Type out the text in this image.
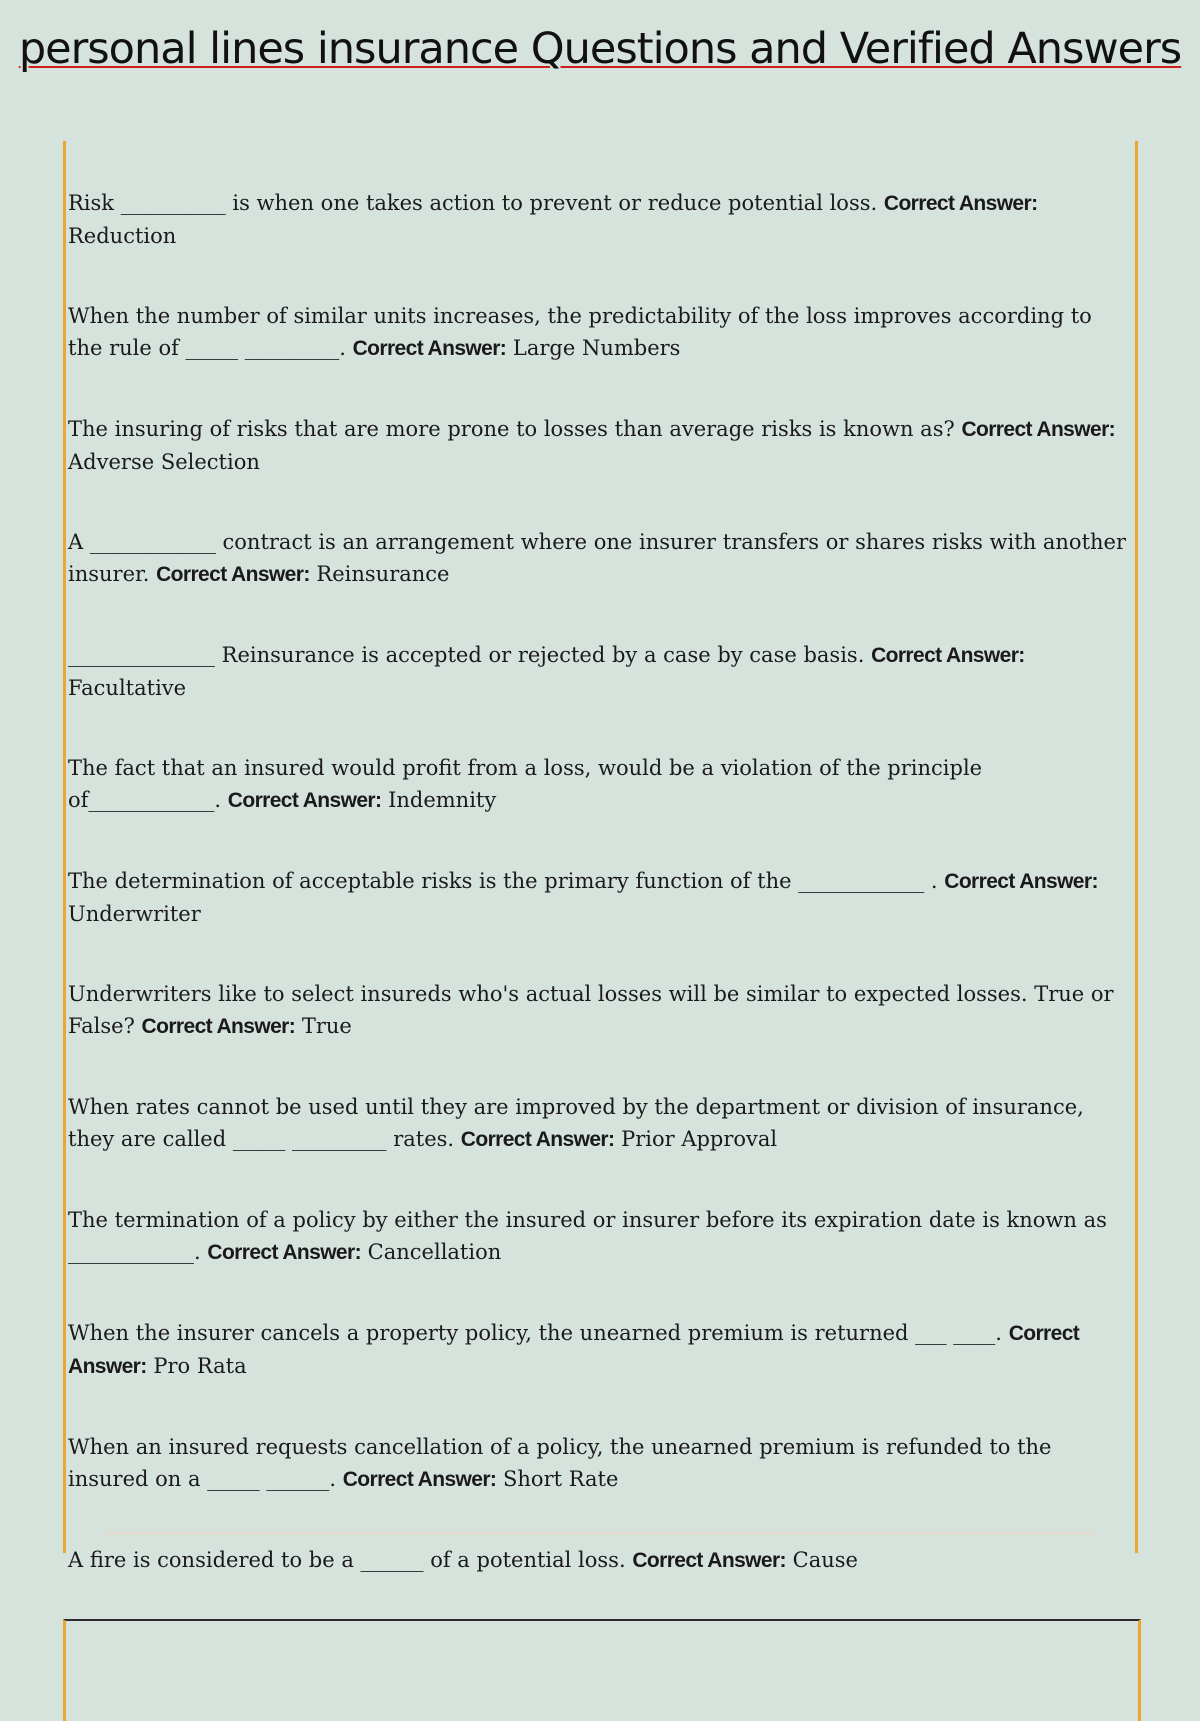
personal lines insurance Questions and Verified Answers
Risk __________ is when one takes action to prevent or reduce potential loss. Correct Answer: Reduction
When the number of similar units increases, the predictability of the loss improves according to the rule of _____ _________. Correct Answer: Large Numbers
The insuring of risks that are more prone to losses than average risks is known as? Correct Answer: Adverse Selection
A ____________ contract is an arrangement where one insurer transfers or shares risks with another insurer. Correct Answer: Reinsurance
______________ Reinsurance is accepted or rejected by a case by case basis. Correct Answer: Facultative
The fact that an insured would profit from a loss, would be a violation of the principle of____________. Correct Answer: Indemnity
The determination of acceptable risks is the primary function of the ____________ . Correct Answer: Underwriter
Underwriters like to select insureds who's actual losses will be similar to expected losses. True or False? Correct Answer: True
When rates cannot be used until they are improved by the department or division of insurance, they are called _____ _________ rates. Correct Answer: Prior Approval
The termination of a policy by either the insured or insurer before its expiration date is known as ____________. Correct Answer: Cancellation
When the insurer cancels a property policy, the unearned premium is returned ___ ____. Correct Answer: Pro Rata
When an insured requests cancellation of a policy, the unearned premium is refunded to the insured on a _____ ______. Correct Answer: Short Rate
A fire is considered to be a ______ of a potential loss. Correct Answer: Cause
